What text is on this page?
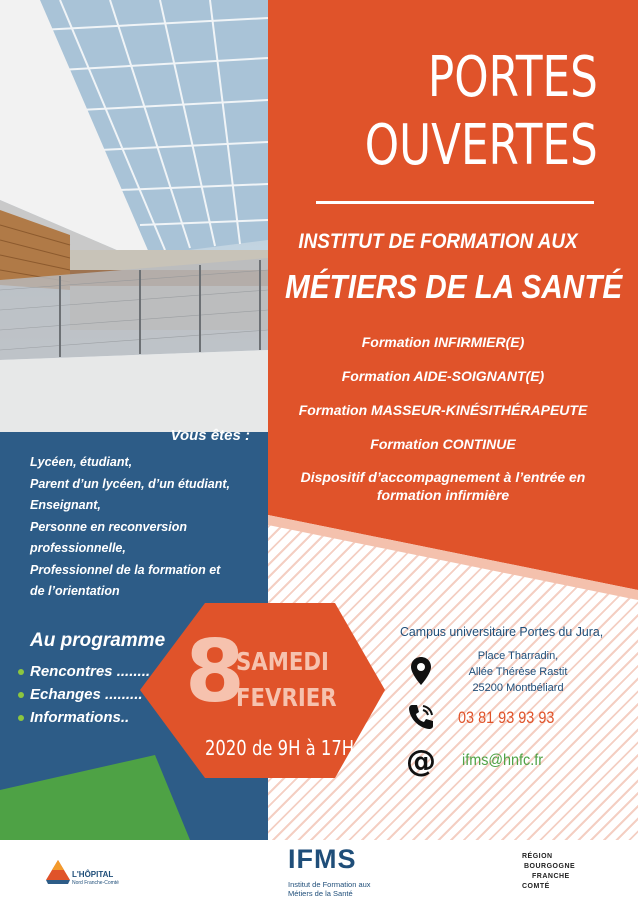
PORTES
OUVERTES
INSTITUT DE FORMATION AUX
MÉTIERS DE LA SANTÉ
Formation INFIRMIER(E)
Formation AIDE-SOIGNANT(E)
Formation MASSEUR-KINÉSITHÉRAPEUTE
Formation CONTINUE
Dispositif d’accompagnement à l’entrée en formation infirmière
Vous êtes :
Lycéen, étudiant,
Parent d’un lycéen, d’un étudiant,
Enseignant,
Personne en reconversion
professionnelle,
Professionnel de la formation et
de l’orientation
Au programme
Rencontres ........
Echanges .........
Informations.. 8
SAMEDI
FEVRIER
2020 de 9H à 17H
Campus universitaire Portes du Jura,
Place Tharradin,
Allée Thérèse Rastit
25200 Montbéliard
@
03 81 93 93 93
ifms@hnfc.fr
L'HÔPITAL
Nord Franche-Comté
IFMS
Institut de Formation aux Métiers de la Santé
RÉGION
BOURGOGNE
FRANCHE
COMTÉ
